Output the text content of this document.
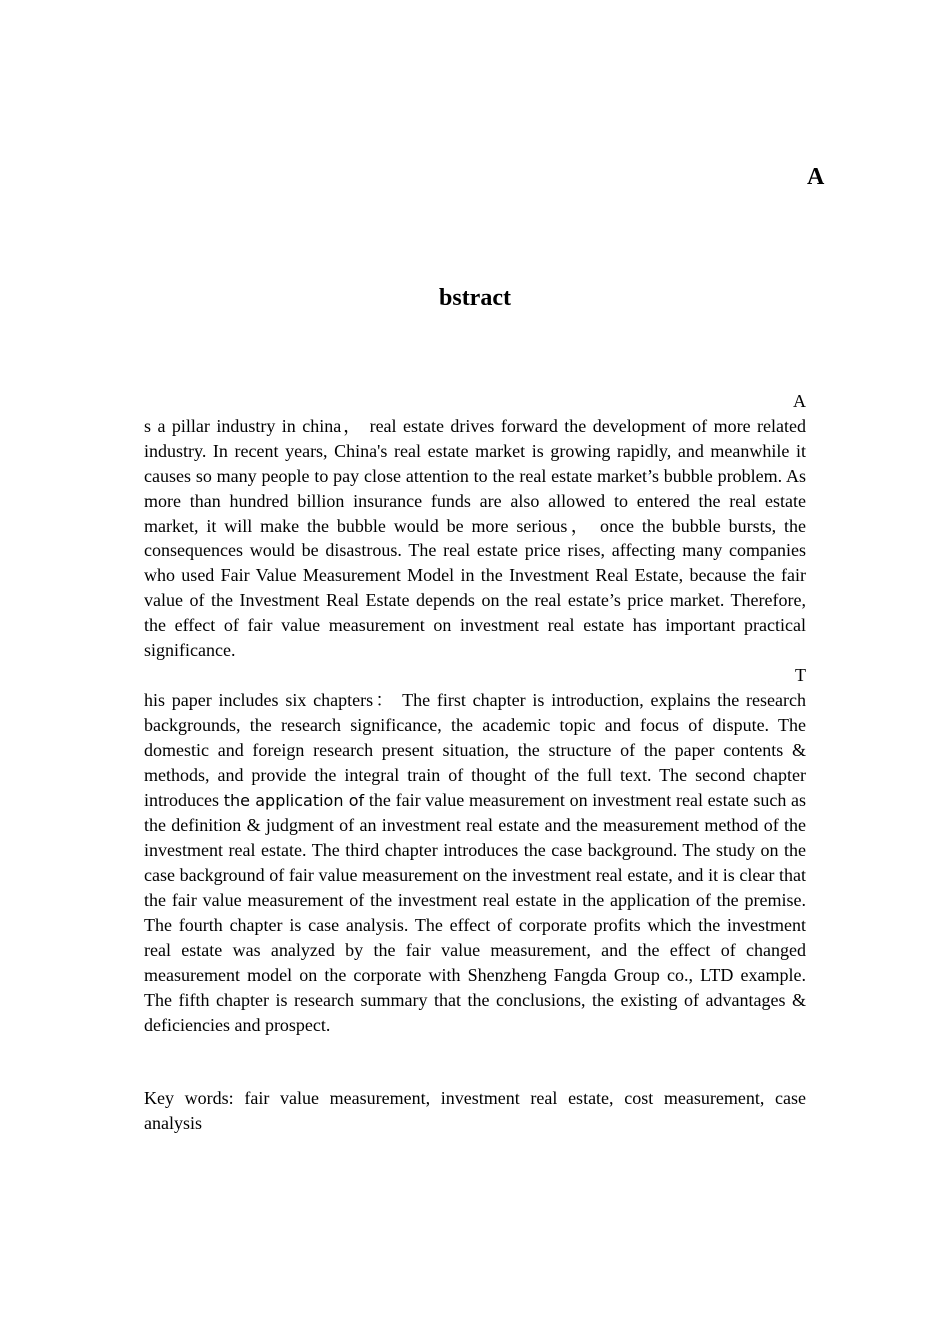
A
bstract
A

s a pillar industry in china， real estate drives forward the development of more related industry. In recent years, China's real estate market is growing rapidly, and meanwhile it causes so many people to pay close attention to the real estate market’s bubble problem. As more than hundred billion insurance funds are also allowed to entered the real estate market, it will make the bubble would be more serious， once the bubble bursts, the consequences would be disastrous. The real estate price rises, affecting many companies who used Fair Value Measurement Model in the Investment Real Estate, because the fair value of the Investment Real Estate depends on the real estate’s price market. Therefore, the effect of fair value measurement on investment real estate has important practical significance.

T

his paper includes six chapters： The first chapter is introduction, explains the research backgrounds, the research significance, the academic topic and focus of dispute. The domestic and foreign research present situation, the structure of the paper contents & methods, and provide the integral train of thought of the full text. The second chapter introduces the application of the fair value measurement on investment real estate such as the definition & judgment of an investment real estate and the measurement method of the investment real estate. The third chapter introduces the case background. The study on the case background of fair value measurement on the investment real estate, and it is clear that the fair value measurement of the investment real estate in the application of the premise. The fourth chapter is case analysis. The effect of corporate profits which the investment real estate was analyzed by the fair value measurement, and the effect of changed measurement model on the corporate with Shenzheng Fangda Group co., LTD example. The fifth chapter is research summary that the conclusions, the existing of advantages & deficiencies and prospect.

Key words: fair value measurement, investment real estate, cost measurement, case analysis
